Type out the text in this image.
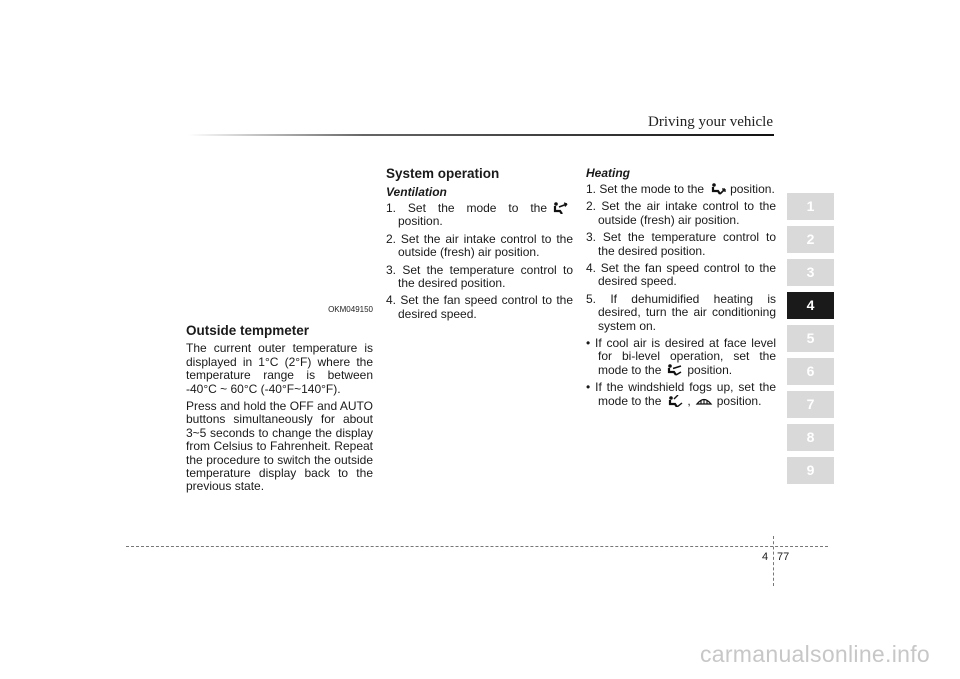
Driving your vehicle
OKM049150
Outside tempmeter

The current outer temperature is displayed in 1°C (2°F) where the temperature range is between -40°C ~ 60°C (-40°F~140°F).

Press and hold the OFF and AUTO buttons simultaneously for about 3~5 seconds to change the display from Celsius to Fahrenheit. Repeat the procedure to switch the outside temperature display back to the previous state.

System operation
Ventilation
1. Set the mode to the
position.
2. Set the air intake control to the outside (fresh) air position.
3. Set the temperature control to the desired position.
4. Set the fan speed control to the desired speed.
Heating
1. Set the mode to the position.
2. Set the air intake control to the outside (fresh) air position.
3. Set the temperature control to the desired position.
4. Set the fan speed control to the desired speed.
5. If dehumidified heating is desired, turn the air conditioning system on.
• If cool air is desired at face level for bi-level operation, set the mode to the position.
• If the windshield fogs up, set the mode to the , position.
1
2
3
4
5
6
7
8
9
4 77
carmanualsonline.info
